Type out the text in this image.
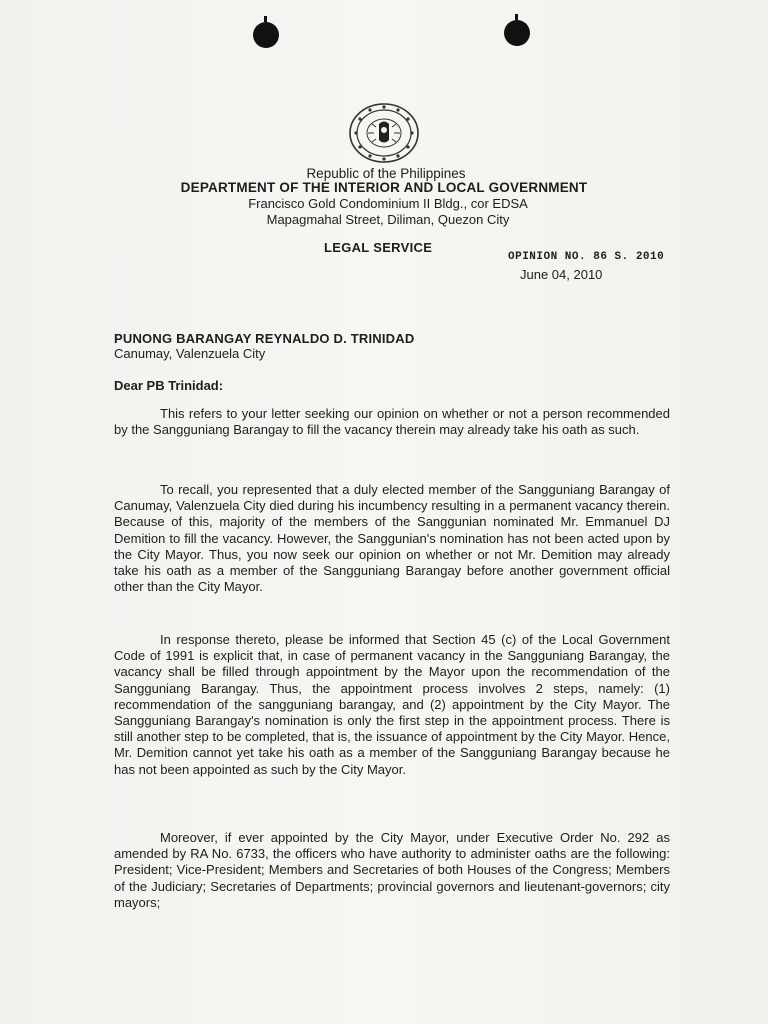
Republic of the Philippines
DEPARTMENT OF THE INTERIOR AND LOCAL GOVERNMENT
Francisco Gold Condominium II Bldg., cor EDSA
Mapagmahal Street, Diliman, Quezon City
LEGAL SERVICE
OPINION NO. 86 S. 2010
June 04, 2010
PUNONG BARANGAY REYNALDO D. TRINIDAD
Canumay, Valenzuela City
Dear PB Trinidad:

This refers to your letter seeking our opinion on whether or not a person recommended by the Sangguniang Barangay to fill the vacancy therein may already take his oath as such.

To recall, you represented that a duly elected member of the Sangguniang Barangay of Canumay, Valenzuela City died during his incumbency resulting in a permanent vacancy therein. Because of this, majority of the members of the Sanggunian nominated Mr. Emmanuel DJ Demition to fill the vacancy. However, the Sanggunian's nomination has not been acted upon by the City Mayor. Thus, you now seek our opinion on whether or not Mr. Demition may already take his oath as a member of the Sangguniang Barangay before another government official other than the City Mayor.

In response thereto, please be informed that Section 45 (c) of the Local Government Code of 1991 is explicit that, in case of permanent vacancy in the Sangguniang Barangay, the vacancy shall be filled through appointment by the Mayor upon the recommendation of the Sangguniang Barangay. Thus, the appointment process involves 2 steps, namely: (1) recommendation of the sangguniang barangay, and (2) appointment by the City Mayor. The Sangguniang Barangay's nomination is only the first step in the appointment process. There is still another step to be completed, that is, the issuance of appointment by the City Mayor. Hence, Mr. Demition cannot yet take his oath as a member of the Sangguniang Barangay because he has not been appointed as such by the City Mayor.

Moreover, if ever appointed by the City Mayor, under Executive Order No. 292 as amended by RA No. 6733, the officers who have authority to administer oaths are the following: President; Vice-President; Members and Secretaries of both Houses of the Congress; Members of the Judiciary; Secretaries of Departments; provincial governors and lieutenant-governors; city mayors;
